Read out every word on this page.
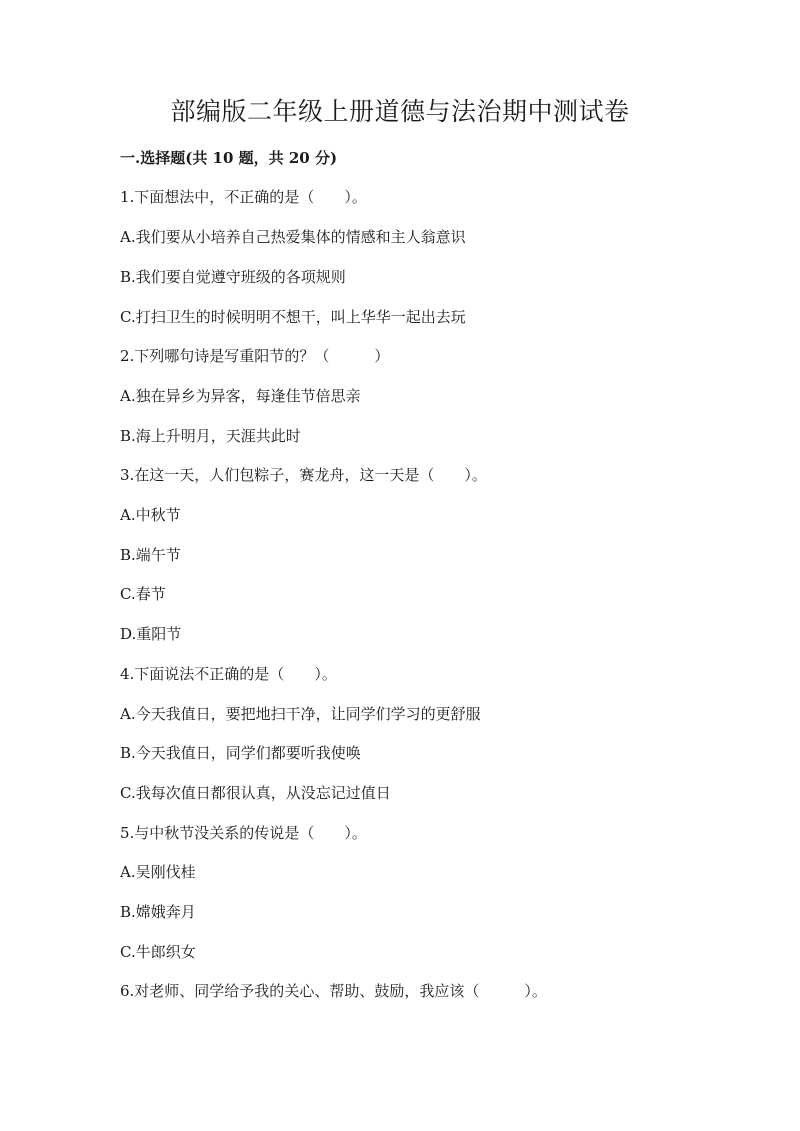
部编版二年级上册道德与法治期中测试卷
一.选择题(共 10 题，共 20 分)
1.下面想法中，不正确的是（　　）。
A.我们要从小培养自己热爱集体的情感和主人翁意识
B.我们要自觉遵守班级的各项规则
C.打扫卫生的时候明明不想干，叫上华华一起出去玩
2.下列哪句诗是写重阳节的？（　　　）
A.独在异乡为异客，每逢佳节倍思亲
B.海上升明月，天涯共此时
3.在这一天，人们包粽子，赛龙舟，这一天是（　　）。
A.中秋节
B.端午节
C.春节
D.重阳节
4.下面说法不正确的是（　　）。
A.今天我值日，要把地扫干净，让同学们学习的更舒服
B.今天我值日，同学们都要听我使唤
C.我每次值日都很认真，从没忘记过值日
5.与中秋节没关系的传说是（　　）。
A.吴刚伐桂
B.嫦娥奔月
C.牛郎织女
6.对老师、同学给予我的关心、帮助、鼓励，我应该（　　　）。
